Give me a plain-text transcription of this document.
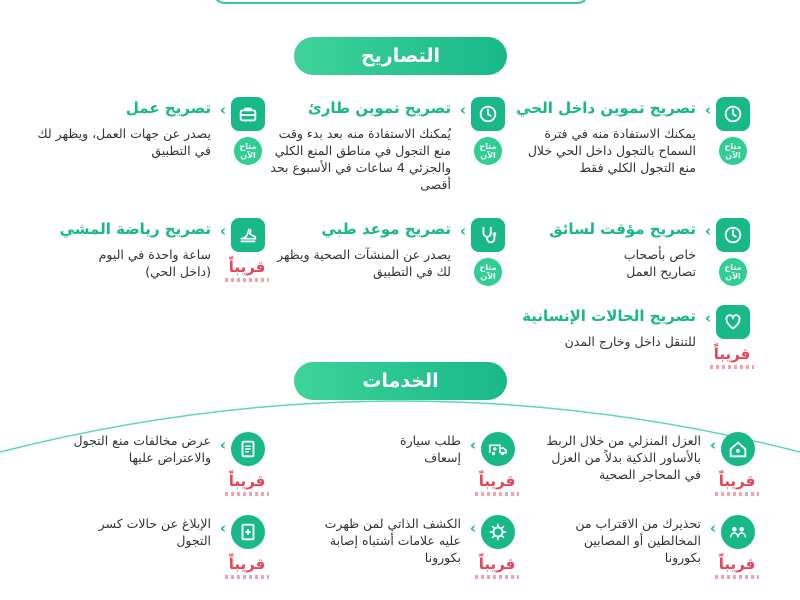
التصاريح
الخدمات
›
تصريح تموين داخل الحي
يمكنك الاستفادة منه في فترة السماح بالتجول داخل الحي خلال منع التجول الكلي فقط
متاح الآن
›
تصريح تموين طارئ
يُمكنك الاستفادة منه بعد بدء وقت منع التجول في مناطق المنع الكلي والجزئي 4 ساعات في الأسبوع بحد أقصى
متاح الآن
›
تصريح عمل
يصدر عن جهات العمل، ويظهر لك في التطبيق	متاح الآن
›
تصريح مؤقت لسائق
خاص بأصحاب تصاريح العمل	متاح الآن
›
تصريح موعد طبي
يصدر عن المنشآت الصحية ويظهر لك في التطبيق	متاح الآن
›
تصريح رياضة المشي
ساعة واحدة في اليوم (داخل الحي) قريباً
›
تصريح الحالات الإنسانية
للتنقل داخل وخارج المدن
قريباً
›
العزل المنزلي من خلال الربط بالأساور الذكية بدلاً من العزل في المحاجر الصحية قريباً
›
طلب سيارة إسعاف
قريباً
›
عرض مخالفات منع التجول والاعتراض عليها
قريباً
›
تحذيرك من الاقتراب من المخالطين أو المصابين بكورونا قريباً
›
الكشف الذاتي لمن ظهرت عليه علامات أشتباه إصابة بكورونا قريباً
›
الإبلاغ عن حالات كسر التجول
قريباً
